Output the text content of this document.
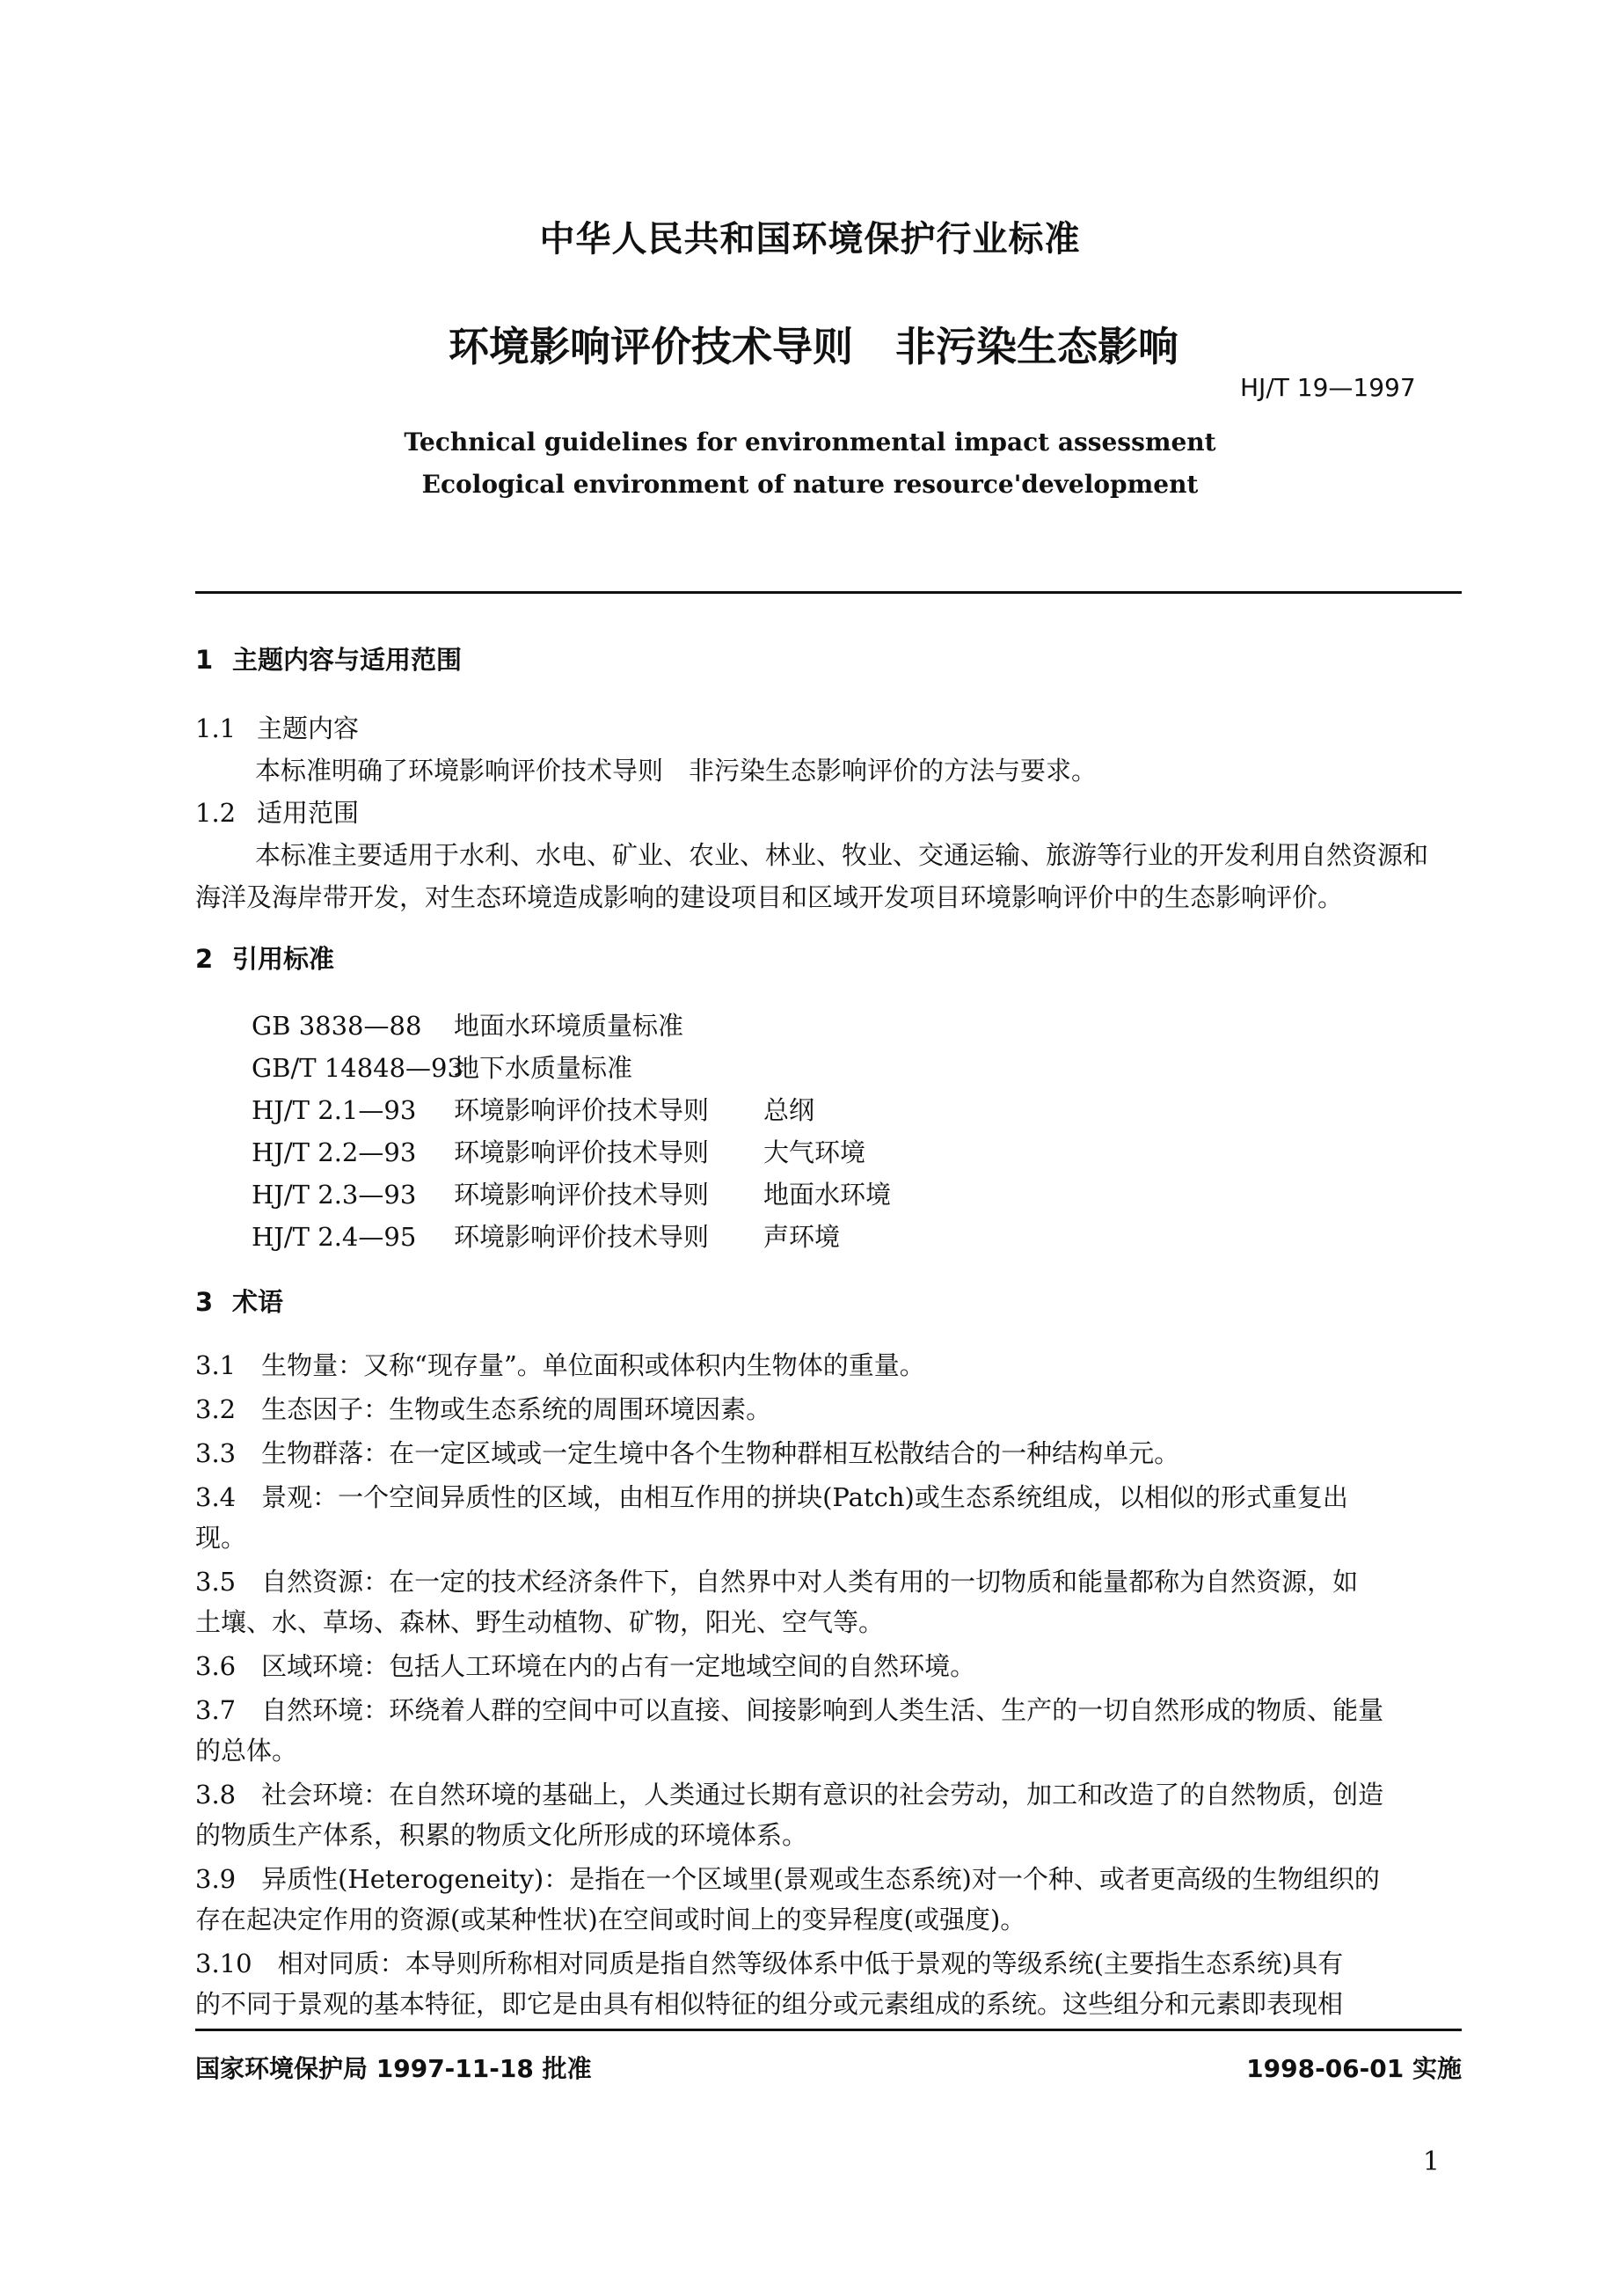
中华人民共和国环境保护行业标准
环境影响评价技术导则 非污染生态影响
HJ/T 19—1997
Technical guidelines for environmental impact assessment
Ecological environment of nature resource'development
1 主题内容与适用范围
1.1 主题内容
本标准明确了环境影响评价技术导则　非污染生态影响评价的方法与要求。
1.2 适用范围
本标准主要适用于水利、水电、矿业、农业、林业、牧业、交通运输、旅游等行业的开发利用自然资源和
海洋及海岸带开发，对生态环境造成影响的建设项目和区域开发项目环境影响评价中的生态影响评价。
2 引用标准
GB 3838—88 地面水环境质量标准
GB/T 14848—93地下水质量标准
HJ/T 2.1—93 环境影响评价技术导则 总纲
HJ/T 2.2—93 环境影响评价技术导则 大气环境
HJ/T 2.3—93 环境影响评价技术导则 地面水环境
HJ/T 2.4—95 环境影响评价技术导则 声环境
3 术语
3.1　生物量：又称“现存量”。单位面积或体积内生物体的重量。
3.2　生态因子：生物或生态系统的周围环境因素。
3.3　生物群落：在一定区域或一定生境中各个生物种群相互松散结合的一种结构单元。
3.4　景观：一个空间异质性的区域，由相互作用的拼块(Patch)或生态系统组成，以相似的形式重复出
现。
3.5　自然资源：在一定的技术经济条件下，自然界中对人类有用的一切物质和能量都称为自然资源，如
土壤、水、草场、森林、野生动植物、矿物，阳光、空气等。
3.6　区域环境：包括人工环境在内的占有一定地域空间的自然环境。
3.7　自然环境：环绕着人群的空间中可以直接、间接影响到人类生活、生产的一切自然形成的物质、能量
的总体。
3.8　社会环境：在自然环境的基础上，人类通过长期有意识的社会劳动，加工和改造了的自然物质，创造
的物质生产体系，积累的物质文化所形成的环境体系。
3.9　异质性(Heterogeneity)：是指在一个区域里(景观或生态系统)对一个种、或者更高级的生物组织的
存在起决定作用的资源(或某种性状)在空间或时间上的变异程度(或强度)。
3.10　相对同质：本导则所称相对同质是指自然等级体系中低于景观的等级系统(主要指生态系统)具有
的不同于景观的基本特征，即它是由具有相似特征的组分或元素组成的系统。这些组分和元素即表现相
国家环境保护局 1997-11-18 批准	1998-06-01 实施
1
